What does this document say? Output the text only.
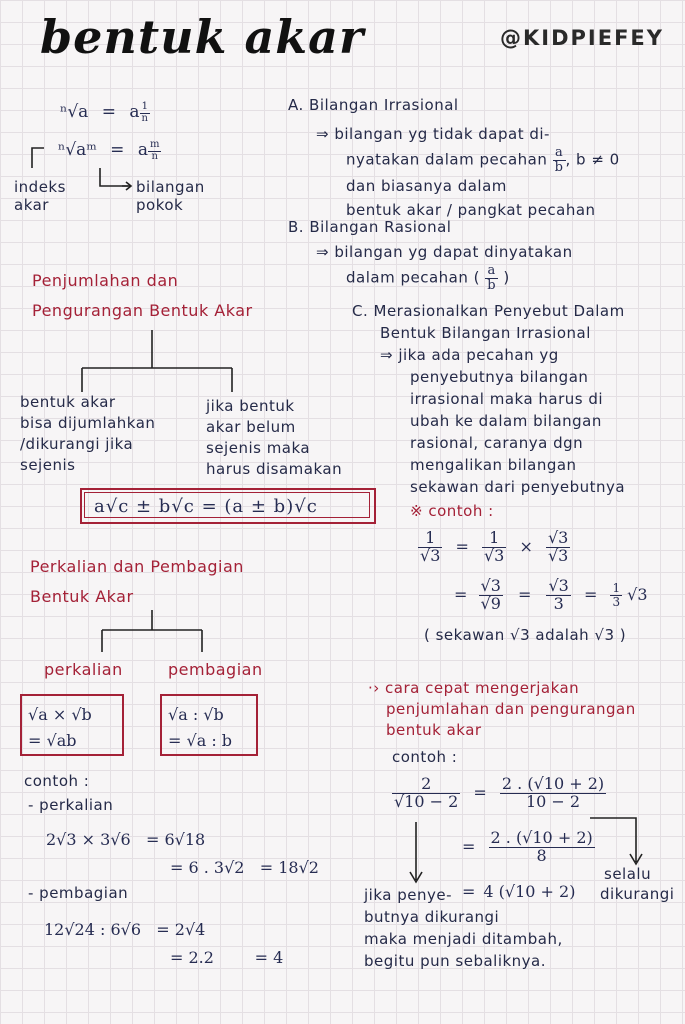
bentuk akar	@KIDPIEFEY
ⁿ√a = a $\frac{1}{n}$
ⁿ√aᵐ = a $\frac{m}{n}$
indeks
akar
bilangan
pokok
A. Bilangan Irrasional
⇒ bilangan yg tidak dapat di-
nyatakan dalam pecahan $\frac{a}{b}$ , b ≠ 0
dan biasanya dalam
bentuk akar / pangkat pecahan
B. Bilangan Rasional
⇒ bilangan yg dapat dinyatakan
dalam pecahan ( $\frac{a}{b}$ )
C. Merasionalkan Penyebut Dalam
Bentuk Bilangan Irrasional
⇒ jika ada pecahan yg
penyebutnya bilangan
irrasional maka harus di
ubah ke dalam bilangan
rasional, caranya dgn
mengalikan bilangan
sekawan dari penyebutnya
※ contoh :
$\frac{1}{√3} = \frac{1}{√3} \times \frac{√3}{√3}$
= $\frac{√3}{√9} = \frac{√3}{3} = \frac{1}{3} √3$
( sekawan √3 adalah √3 )
Penjumlahan dan
Pengurangan Bentuk Akar
bentuk akar
bisa dijumlahkan
/dikurangi jika
sejenis
jika bentuk
akar belum
sejenis maka
harus disamakan
a√c ± b√c = (a ± b)√c
Perkalian dan Pembagian
Bentuk Akar
perkalian	pembagian
√a × √b
= √ab
√a : √b
= √a : b
contoh :
- perkalian
2√3 × 3√6   = 6√18
= 6 . 3√2   = 18√2
- pembagian
12√24 : 6√6   = 2√4
= 2.2        = 4
·› cara cepat mengerjakan
penjumlahan dan pengurangan
bentuk akar
contoh :
$\frac{2}{√10 - 2} = \frac{2 . (√10 + 2)}{10 - 2}$
= $\frac{2 . (√10 + 2)}{8}$
= 4 (√10 + 2)
selalu
dikurangi
jika penye-
butnya dikurangi
maka menjadi ditambah,
begitu pun sebaliknya.
